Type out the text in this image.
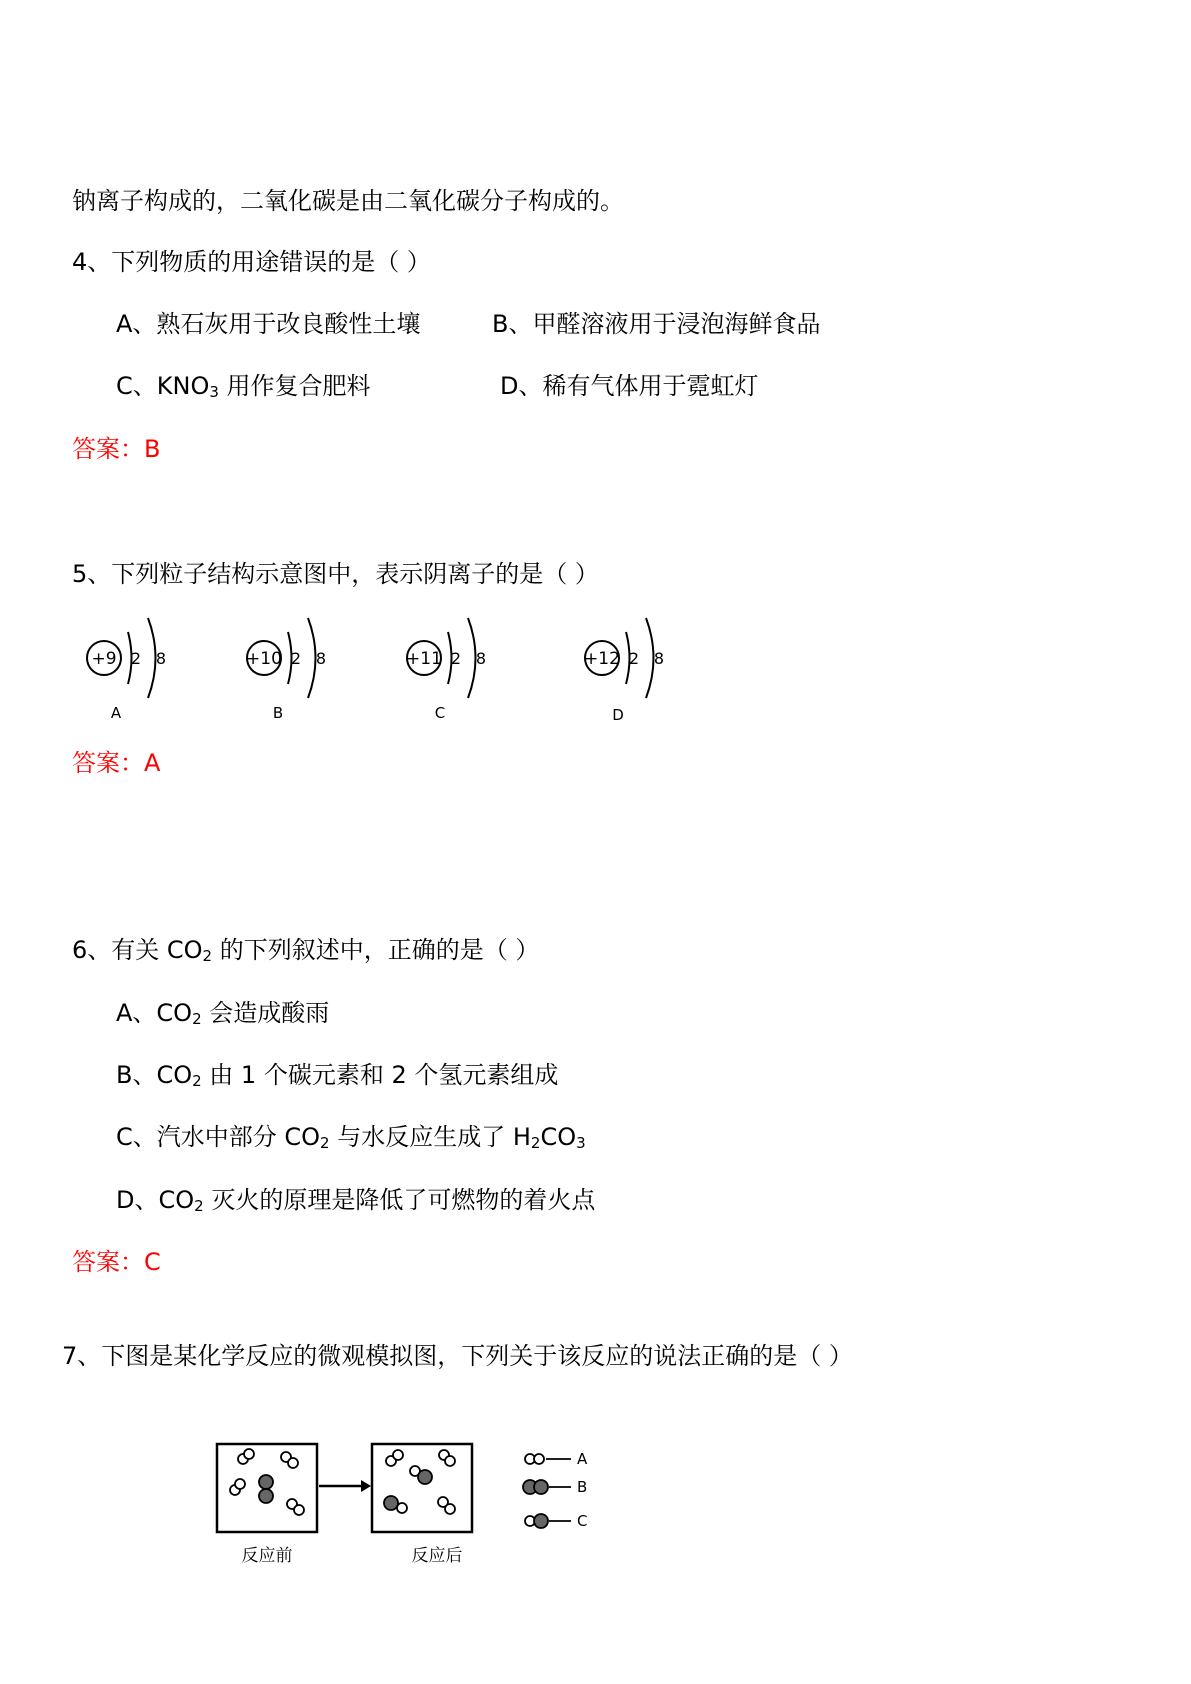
钠离子构成的，二氧化碳是由二氧化碳分子构成的。
4、下列物质的用途错误的是（ ）
A、熟石灰用于改良酸性土壤	B、甲醛溶液用于浸泡海鲜食品
C、$KNO_3$ 用作复合肥料	D、稀有气体用于霓虹灯
答案：B
5、下列粒子结构示意图中，表示阴离子的是（ ）
+9 2 8
A
+10 2 8
B
+11 2 8
C
+12 2 8
D
答案：A
6、有关 $CO_2$ 的下列叙述中，正确的是（ ）
A、$CO_2$ 会造成酸雨
B、$CO_2$ 由 1 个碳元素和 2 个氢元素组成
C、汽水中部分 $CO_2$ 与水反应生成了 $H_2CO_3$
D、$CO_2$ 灭火的原理是降低了可燃物的着火点
答案：C
7、下图是某化学反应的微观模拟图，下列关于该反应的说法正确的是（ ）
反应前	反应后
A
B
C
